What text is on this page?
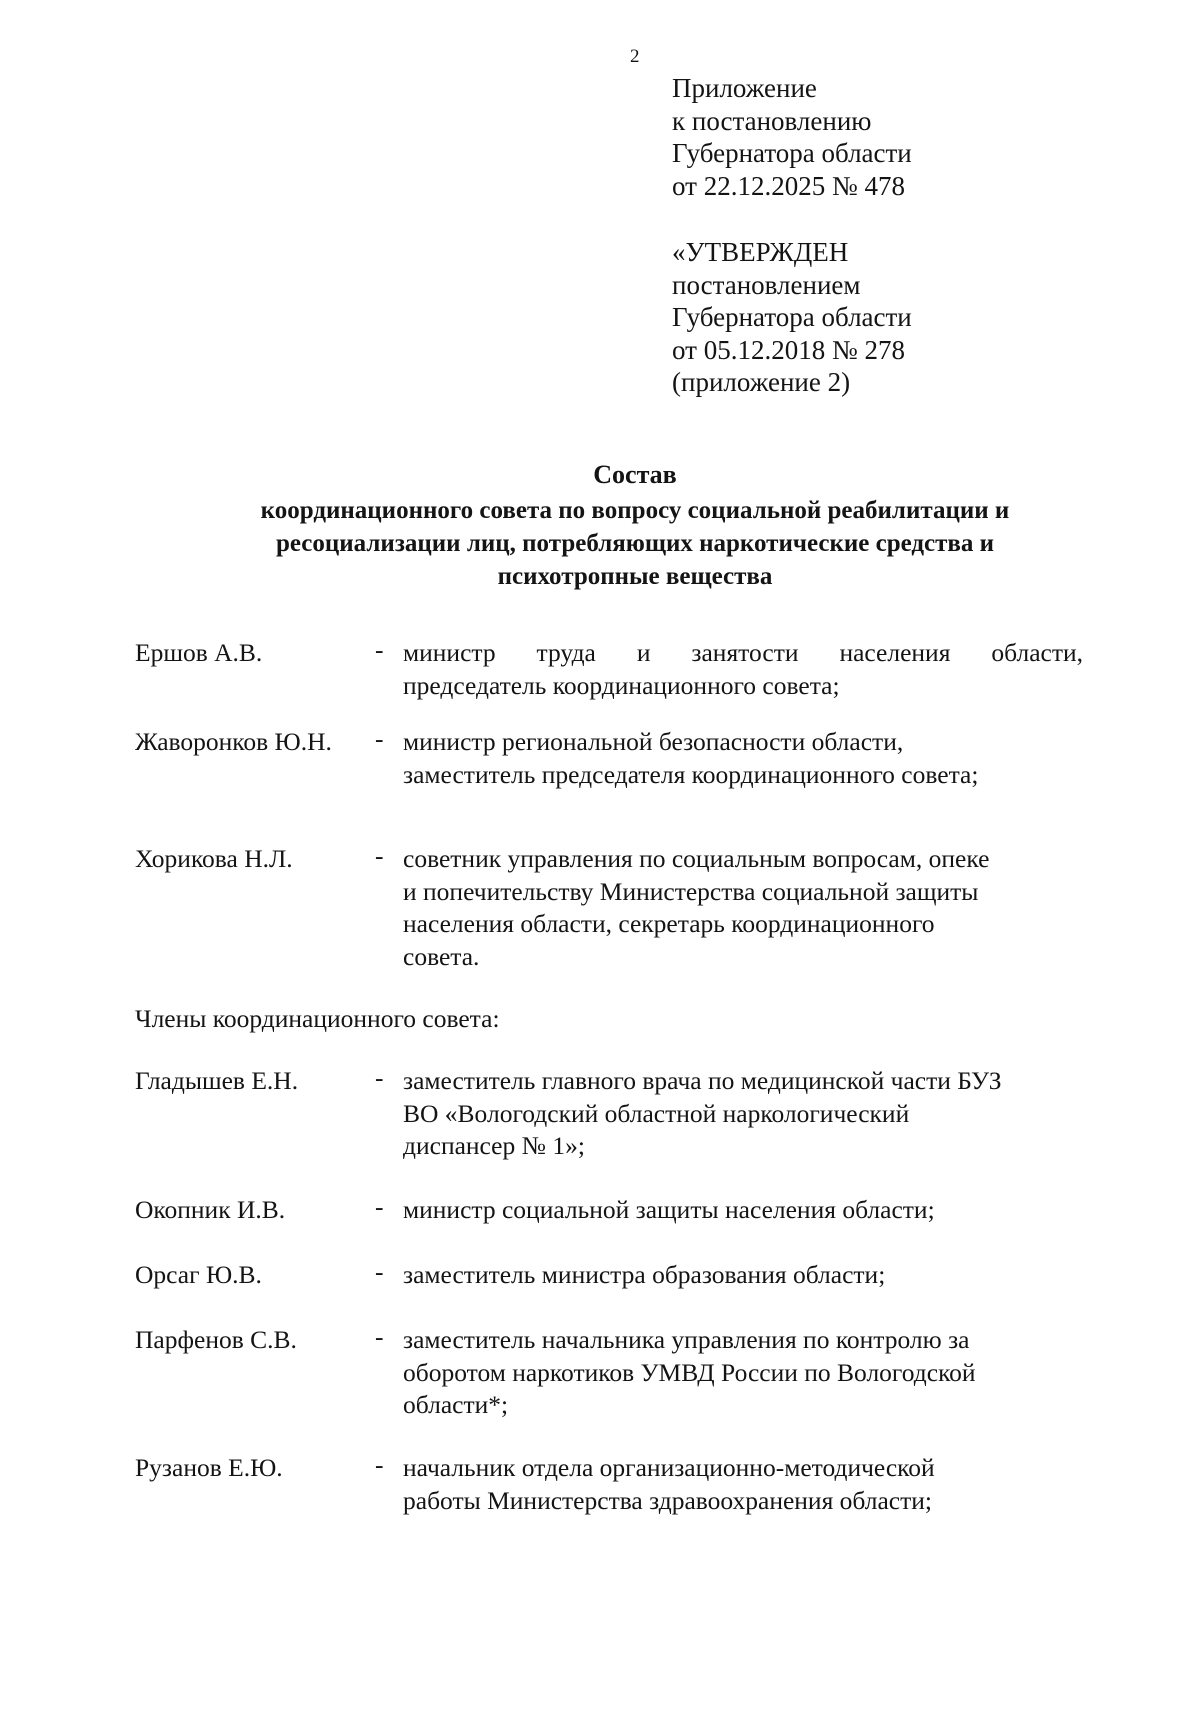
2
Приложение
к постановлению
Губернатора области
от 22.12.2025 № 478
«УТВЕРЖДЕН
постановлением
Губернатора области
от 05.12.2018 № 278
(приложение 2)
Состав
координационного совета по вопросу социальной реабилитации и
ресоциализации лиц, потребляющих наркотические средства и
психотропные вещества
Ершов А.В.	- министр труда и занятости населения области,
председатель координационного совета;
Жаворонков Ю.Н. - министр региональной безопасности области,
заместитель председателя координационного совета;
Хорикова Н.Л.	- советник управления по социальным вопросам, опеке
и попечительству Министерства социальной защиты
населения области, секретарь координационного
совета.
Члены координационного совета:
Гладышев Е.Н.	- заместитель главного врача по медицинской части БУЗ
ВО «Вологодский областной наркологический
диспансер № 1»;
Окопник И.В.	- министр социальной защиты населения области;
Орсаг Ю.В.	- заместитель министра образования области;
Парфенов С.В.	- заместитель начальника управления по контролю за
оборотом наркотиков УМВД России по Вологодской
области*;
Рузанов Е.Ю.	- начальник отдела организационно-методической
работы Министерства здравоохранения области;
